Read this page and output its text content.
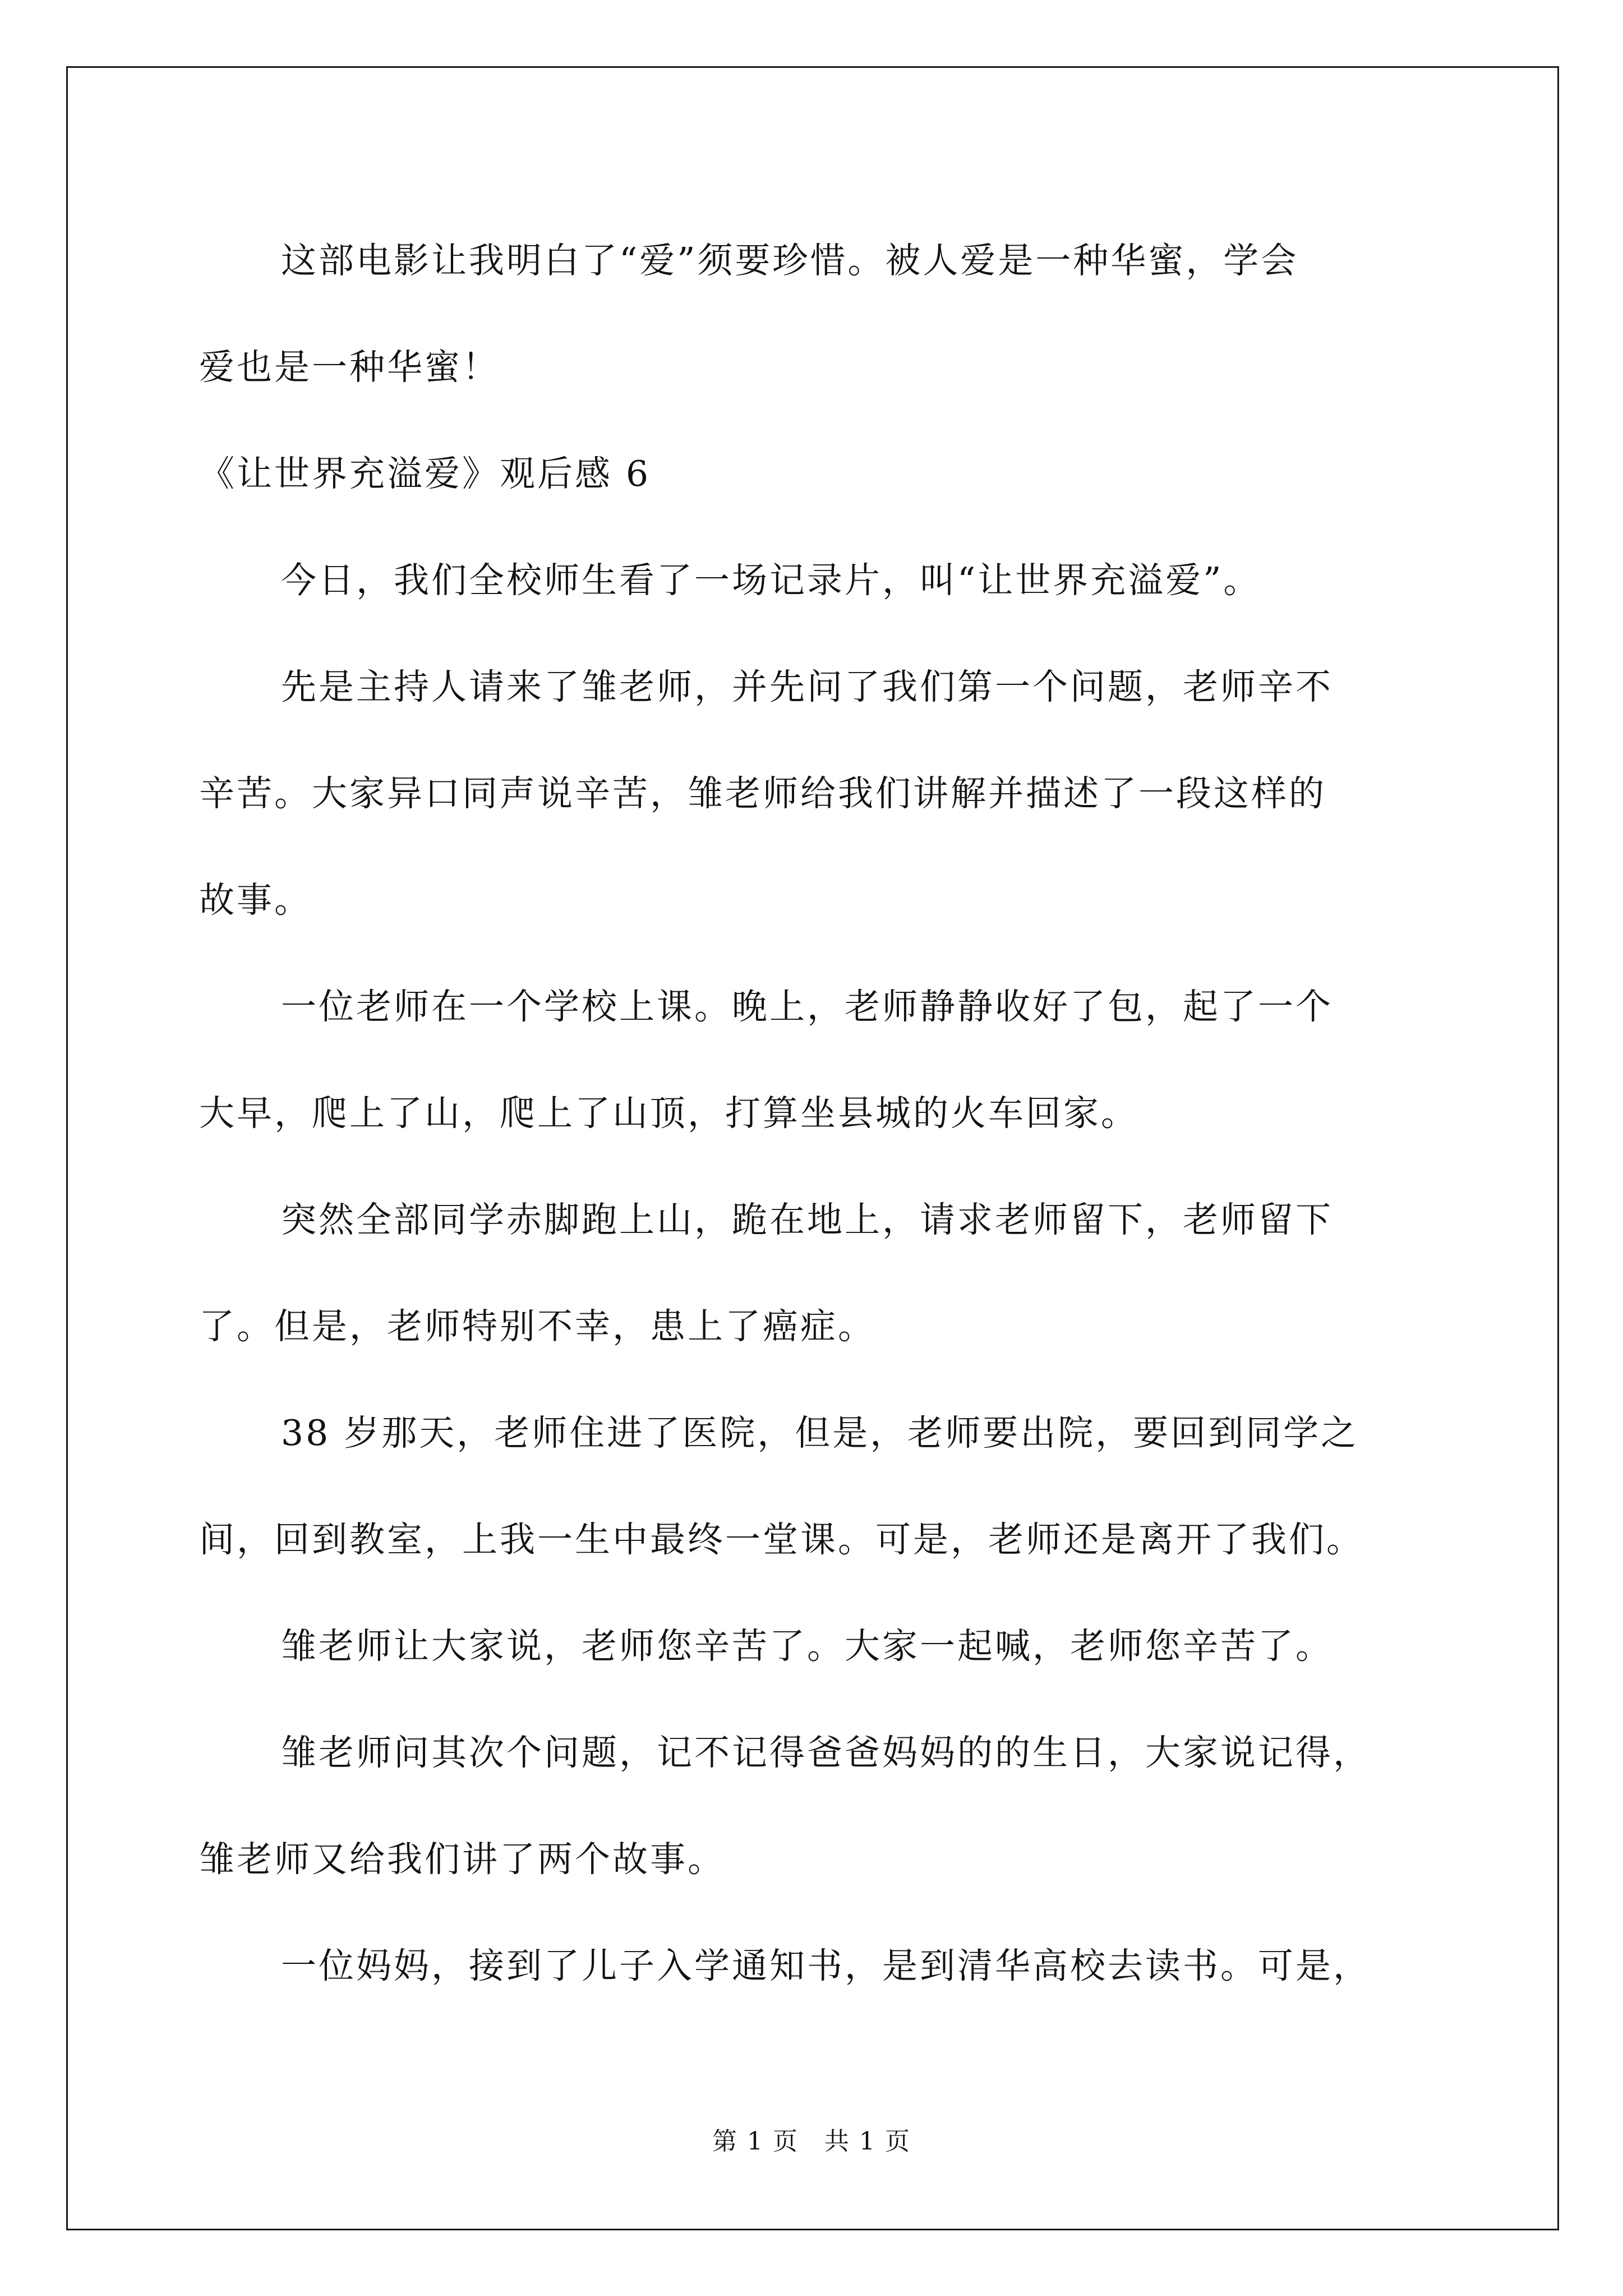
这部电影让我明白了“爱”须要珍惜。被人爱是一种华蜜，学会
爱也是一种华蜜！

《让世界充溢爱》观后感 6

今日，我们全校师生看了一场记录片，叫“让世界充溢爱”。

先是主持人请来了雏老师，并先问了我们第一个问题，老师辛不
辛苦。大家异口同声说辛苦，雏老师给我们讲解并描述了一段这样的
故事。

一位老师在一个学校上课。晚上，老师静静收好了包，起了一个
大早，爬上了山，爬上了山顶，打算坐县城的火车回家。

突然全部同学赤脚跑上山，跪在地上，请求老师留下，老师留下
了。但是，老师特别不幸，患上了癌症。

38 岁那天，老师住进了医院，但是，老师要出院，要回到同学之
间，回到教室，上我一生中最终一堂课。可是，老师还是离开了我们。

雏老师让大家说，老师您辛苦了。大家一起喊，老师您辛苦了。

雏老师问其次个问题，记不记得爸爸妈妈的的生日，大家说记得，
雏老师又给我们讲了两个故事。

一位妈妈，接到了儿子入学通知书，是到清华高校去读书。可是，

第 1 页　共 1 页
